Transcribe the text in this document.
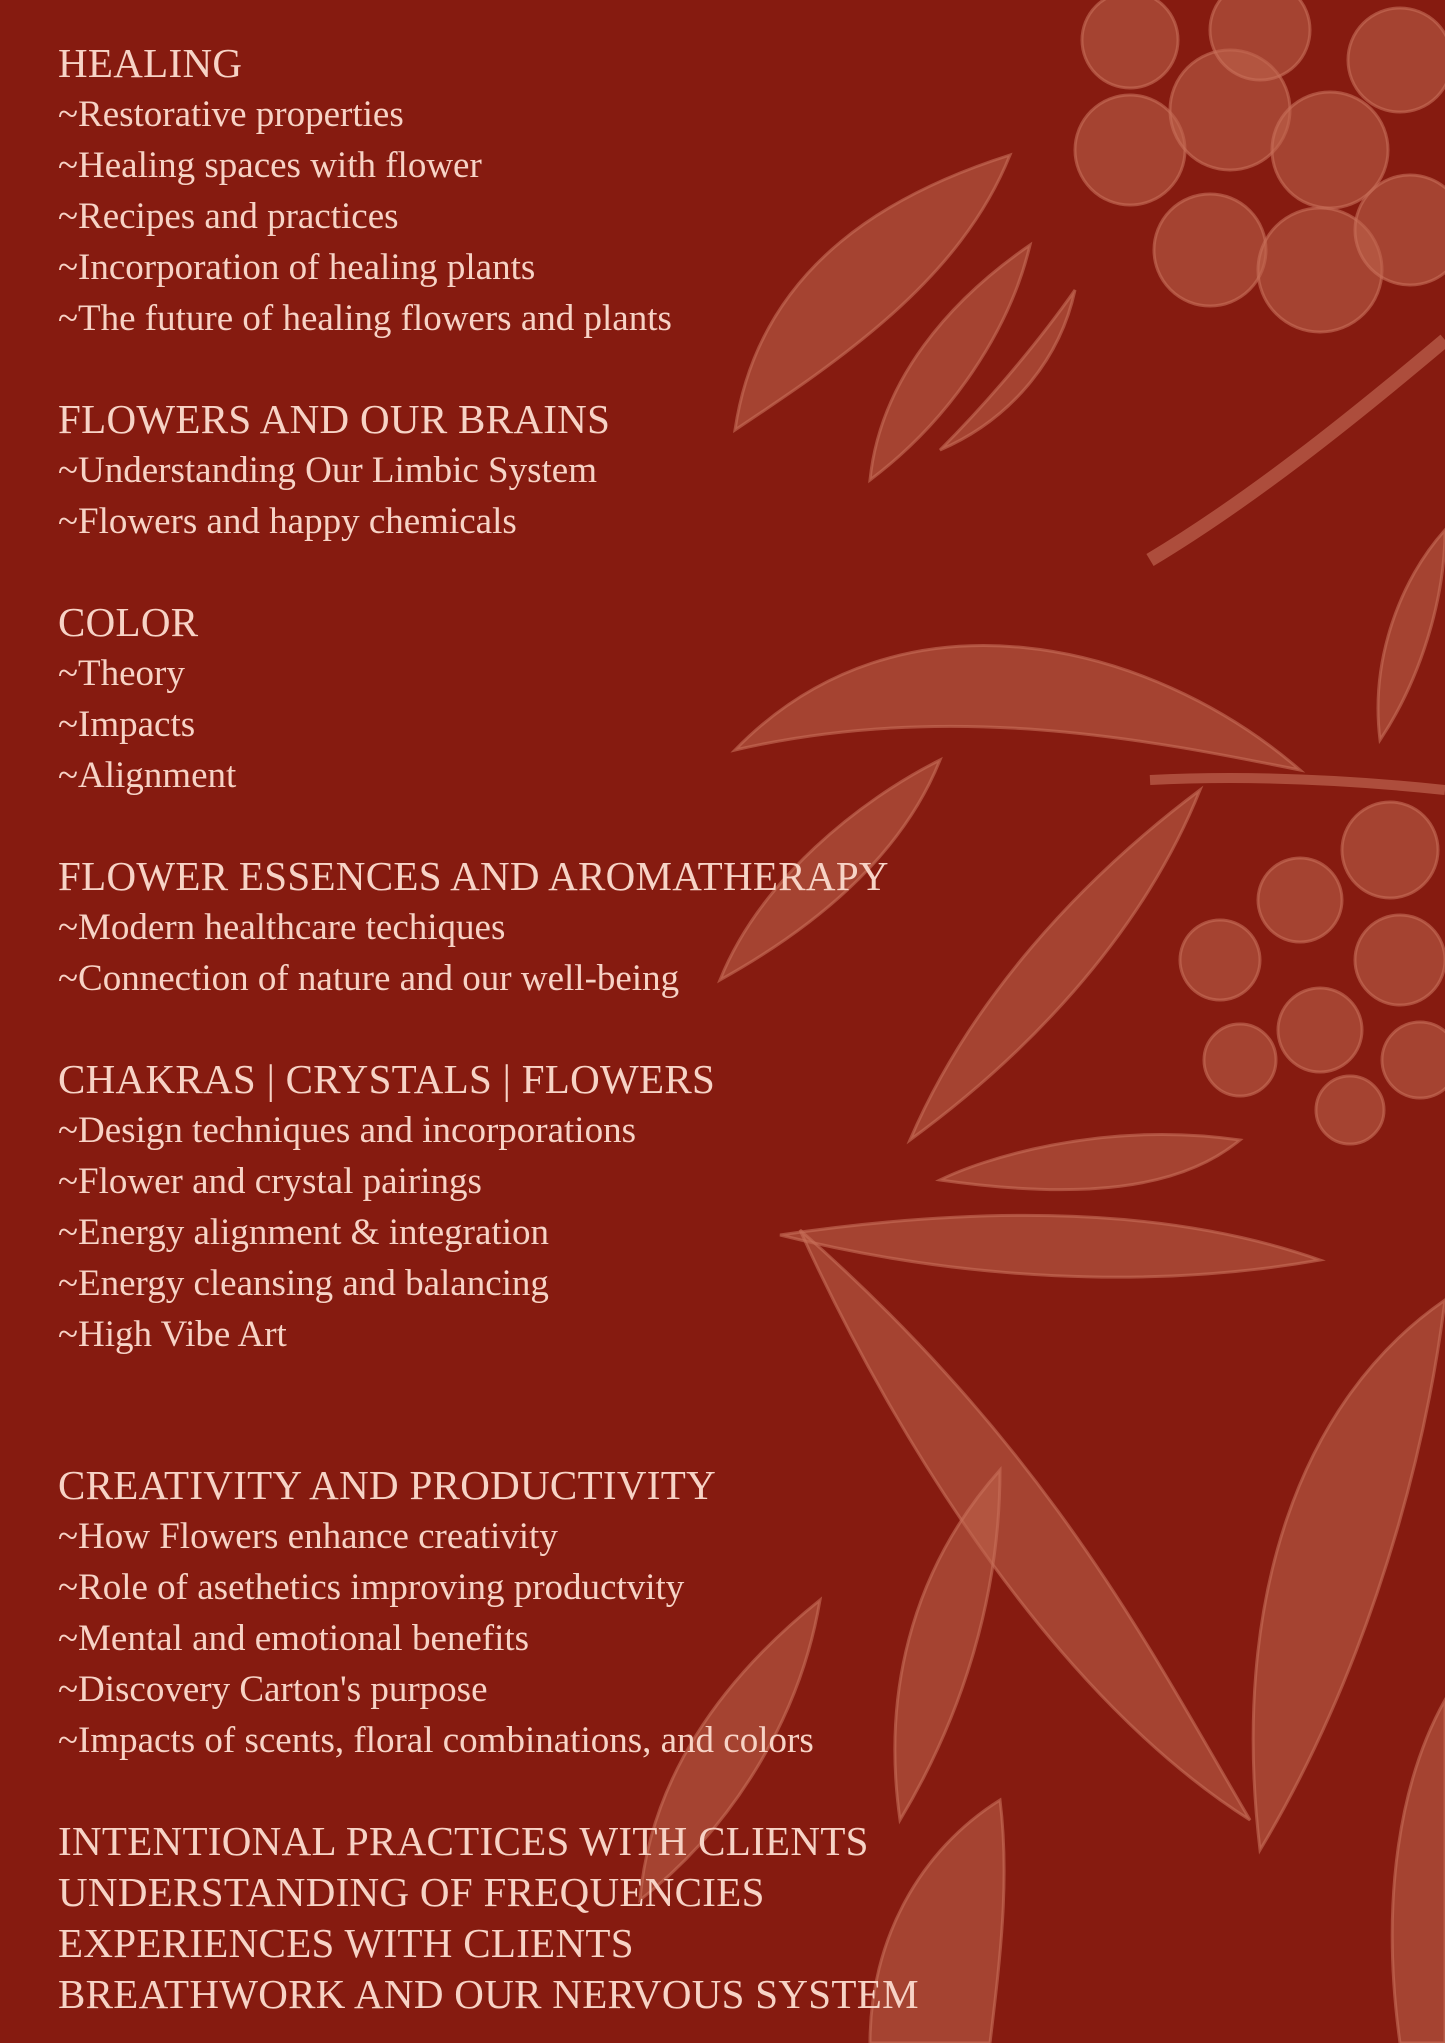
HEALING
~Restorative properties
~Healing spaces with flower
~Recipes and practices
~Incorporation of healing plants
~The future of healing flowers and plants
FLOWERS AND OUR BRAINS
~Understanding Our Limbic System
~Flowers and happy chemicals
COLOR
~Theory
~Impacts
~Alignment
FLOWER ESSENCES AND AROMATHERAPY
~Modern healthcare techiques
~Connection of nature and our well-being
CHAKRAS | CRYSTALS | FLOWERS
~Design techniques and incorporations
~Flower and crystal pairings
~Energy alignment & integration
~Energy cleansing and balancing
~High Vibe Art
CREATIVITY AND PRODUCTIVITY
~How Flowers enhance creativity
~Role of asethetics improving productvity
~Mental and emotional benefits
~Discovery Carton's purpose
~Impacts of scents, floral combinations, and colors
INTENTIONAL PRACTICES WITH CLIENTS
UNDERSTANDING OF FREQUENCIES
EXPERIENCES WITH CLIENTS
BREATHWORK AND OUR NERVOUS SYSTEM
